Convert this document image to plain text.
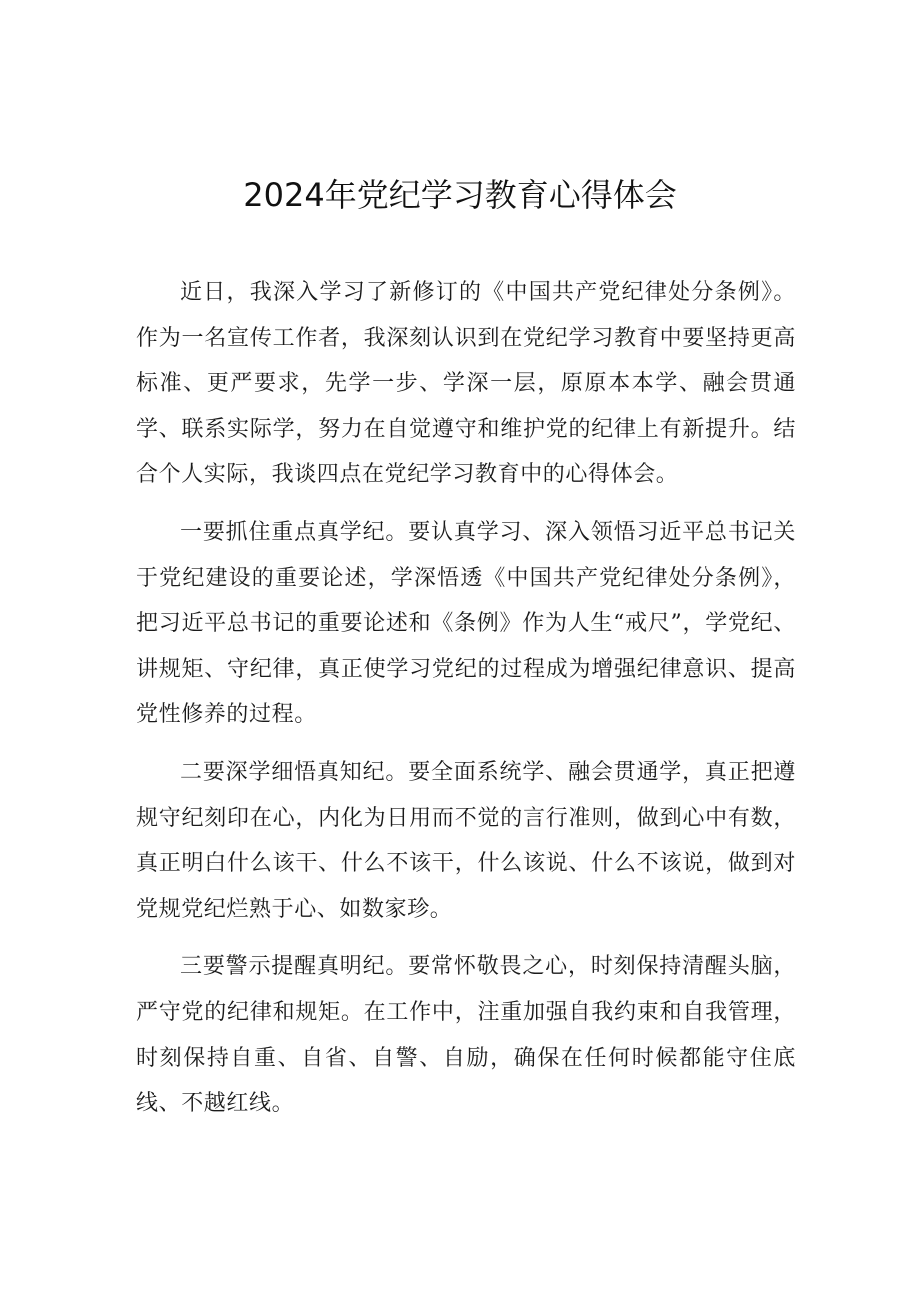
2024年党纪学习教育心得体会

近日，我深入学习了新修订的《中国共产党纪律处分条例》。作为一名宣传工作者，我深刻认识到在党纪学习教育中要坚持更高标准、更严要求，先学一步、学深一层，原原本本学、融会贯通学、联系实际学，努力在自觉遵守和维护党的纪律上有新提升。结合个人实际，我谈四点在党纪学习教育中的心得体会。

一要抓住重点真学纪。要认真学习、深入领悟习近平总书记关于党纪建设的重要论述，学深悟透《中国共产党纪律处分条例》，把习近平总书记的重要论述和《条例》作为人生“戒尺”，学党纪、讲规矩、守纪律，真正使学习党纪的过程成为增强纪律意识、提高党性修养的过程。

二要深学细悟真知纪。要全面系统学、融会贯通学，真正把遵规守纪刻印在心，内化为日用而不觉的言行准则，做到心中有数，真正明白什么该干、什么不该干，什么该说、什么不该说，做到对党规党纪烂熟于心、如数家珍。

三要警示提醒真明纪。要常怀敬畏之心，时刻保持清醒头脑，严守党的纪律和规矩。在工作中，注重加强自我约束和自我管理，时刻保持自重、自省、自警、自励，确保在任何时候都能守住底线、不越红线。
